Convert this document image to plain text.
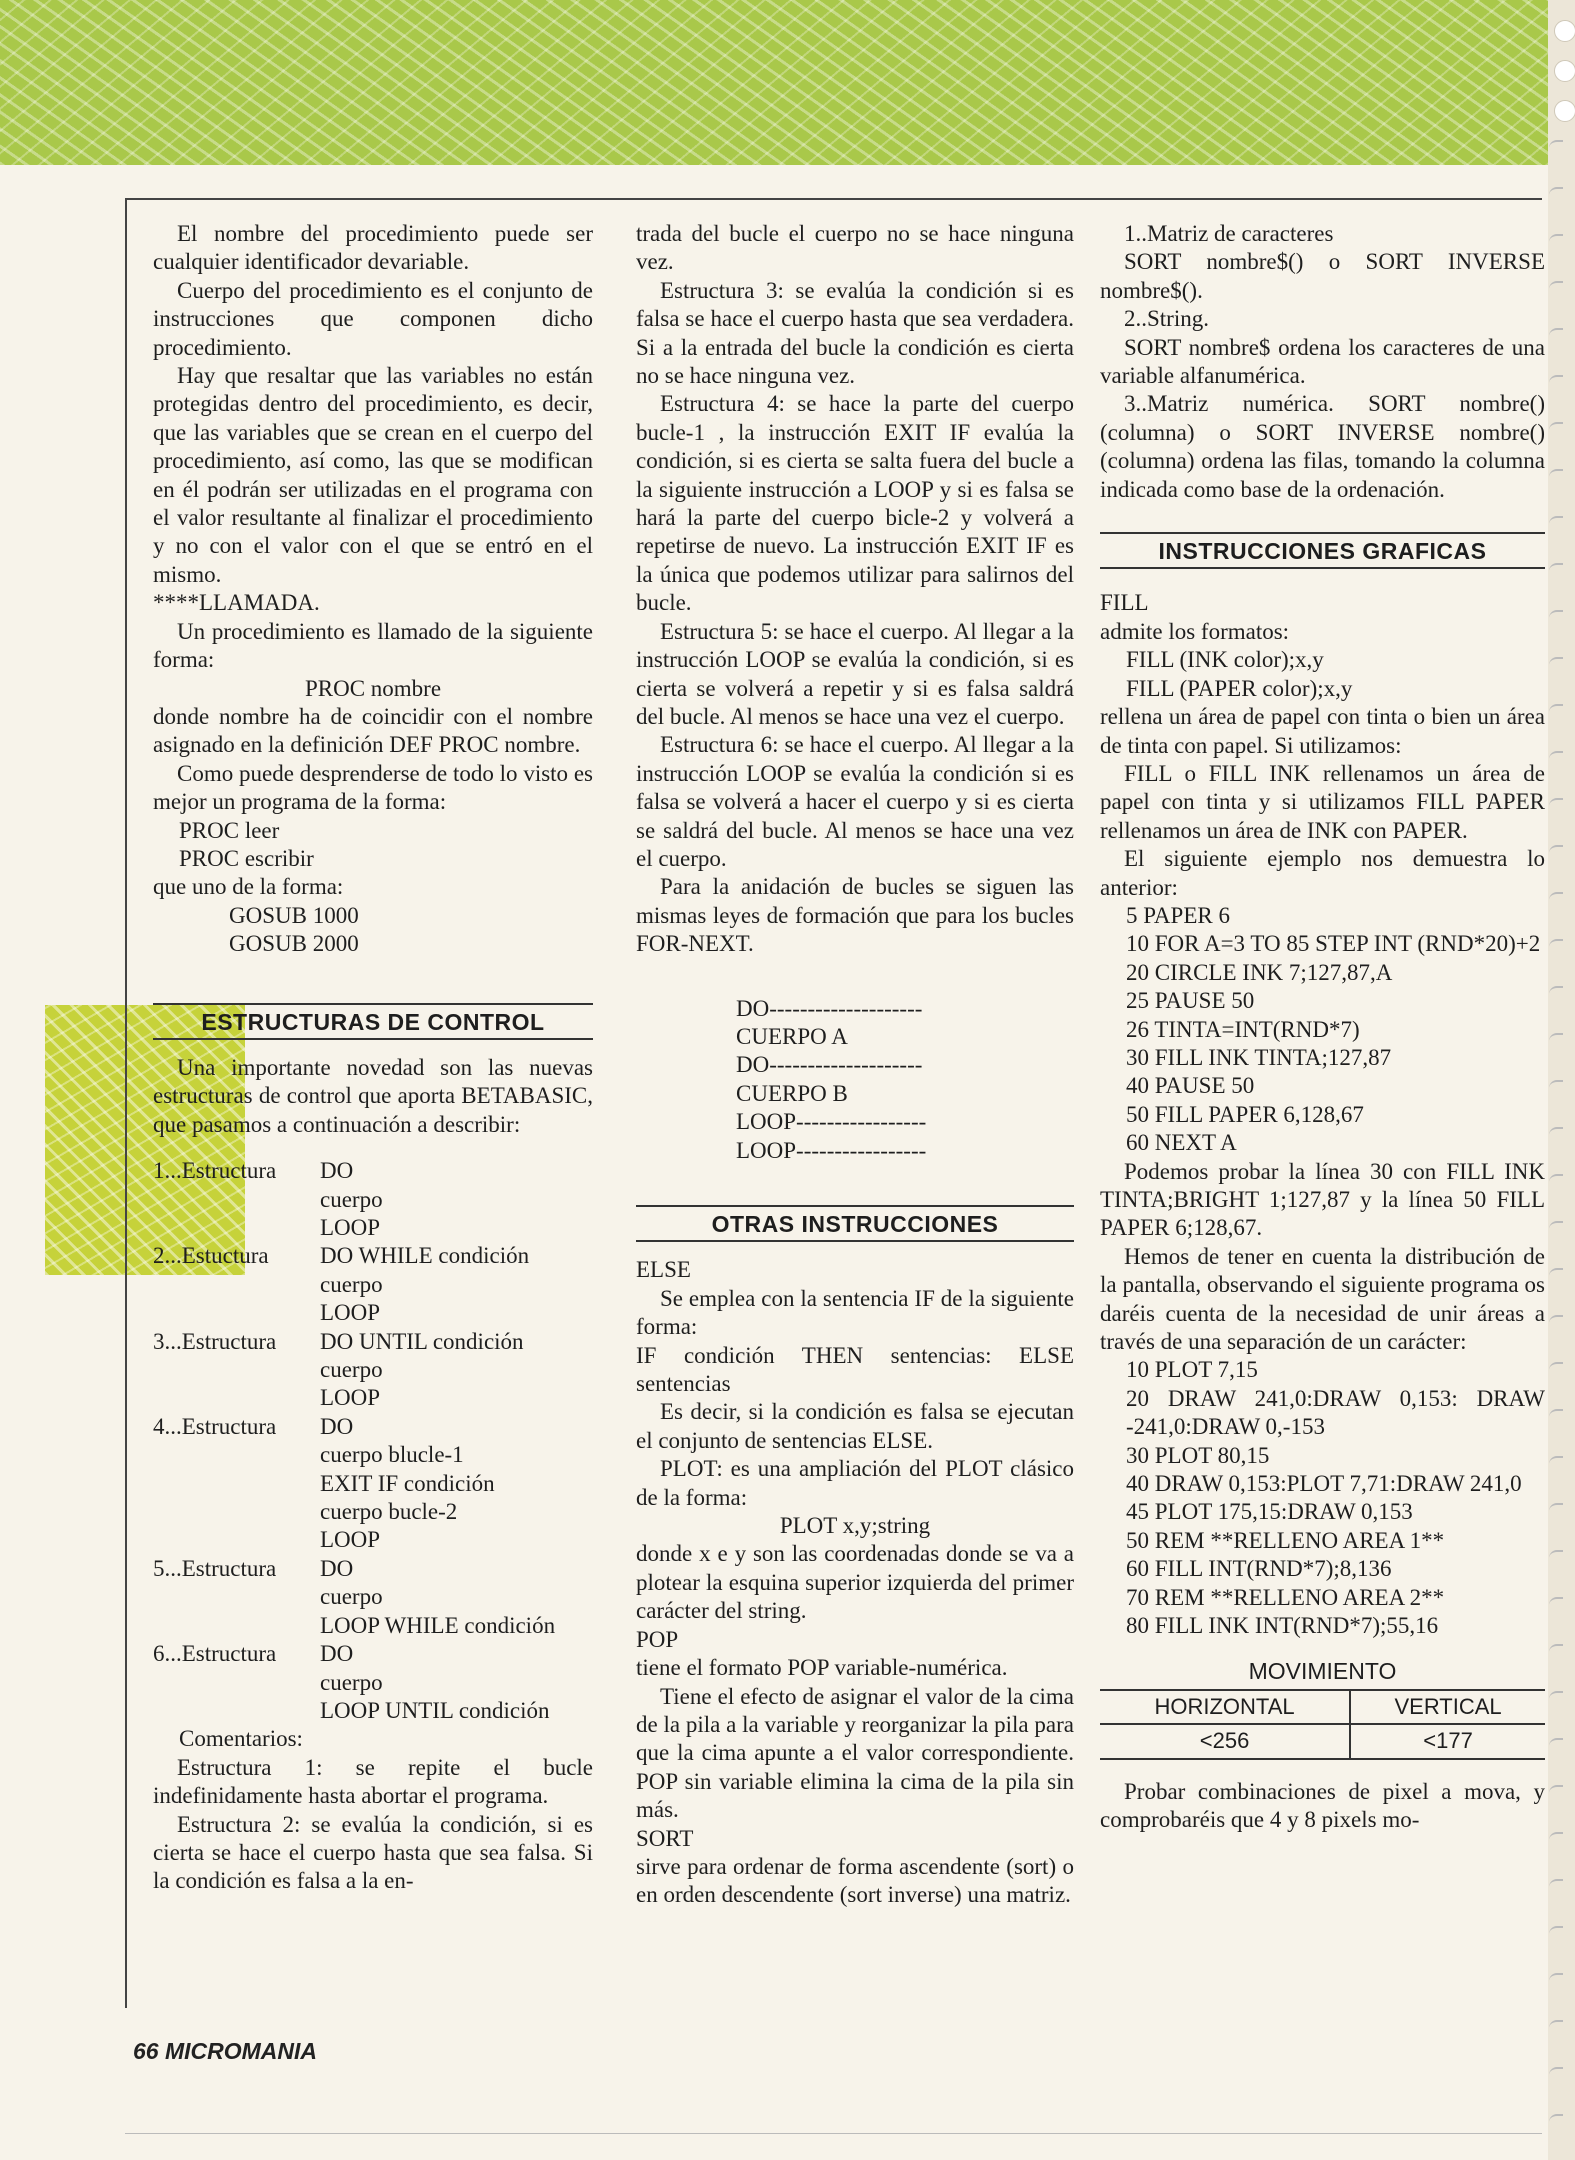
El nombre del procedimiento puede ser cualquier identificador devariable.

Cuerpo del procedimiento es el conjunto de instrucciones que componen dicho procedimiento.

Hay que resaltar que las variables no están protegidas dentro del procedimiento, es decir, que las variables que se crean en el cuerpo del procedimiento, así como, las que se modifican en él podrán ser utilizadas en el programa con el valor resultante al finalizar el procedimiento y no con el valor con el que se entró en el mismo.

****LLAMADA.

Un procedimiento es llamado de la siguiente forma:

PROC nombre

donde nombre ha de coincidir con el nombre asignado en la definición DEF PROC nombre.

Como puede desprenderse de todo lo visto es mejor un programa de la forma:

PROC leer

PROC escribir

que uno de la forma:

GOSUB 1000

GOSUB 2000

ESTRUCTURAS DE CONTROL

Una importante novedad son las nuevas estructuras de control que aporta BETABASIC, que pasamos a continuación a describir:

1...Estructura	DO
cuerpo
LOOP
2...Estuctura	DO WHILE condición
cuerpo
LOOP
3...Estructura	DO UNTIL condición
cuerpo
LOOP
4...Estructura	DO
cuerpo blucle-1
EXIT IF condición
cuerpo bucle-2
LOOP
5...Estructura	DO
cuerpo
LOOP WHILE condición
6...Estructura	DO
cuerpo
LOOP UNTIL condición

Comentarios:

Estructura 1: se repite el bucle indefinidamente hasta abortar el programa.

Estructura 2: se evalúa la condición, si es cierta se hace el cuerpo hasta que sea falsa. Si la condición es falsa a la en-

trada del bucle el cuerpo no se hace ninguna vez.

Estructura 3: se evalúa la condición si es falsa se hace el cuerpo hasta que sea verdadera. Si a la entrada del bucle la condición es cierta no se hace ninguna vez.

Estructura 4: se hace la parte del cuerpo bucle-1 , la instrucción EXIT IF evalúa la condición, si es cierta se salta fuera del bucle a la siguiente instrucción a LOOP y si es falsa se hará la parte del cuerpo bicle-2 y volverá a repetirse de nuevo. La instrucción EXIT IF es la única que podemos utilizar para salirnos del bucle.

Estructura 5: se hace el cuerpo. Al llegar a la instrucción LOOP se evalúa la condición, si es cierta se volverá a repetir y si es falsa saldrá del bucle. Al menos se hace una vez el cuerpo.

Estructura 6: se hace el cuerpo. Al llegar a la instrucción LOOP se evalúa la condición si es falsa se volverá a hacer el cuerpo y si es cierta se saldrá del bucle. Al menos se hace una vez el cuerpo.

Para la anidación de bucles se siguen las mismas leyes de formación que para los bucles FOR-NEXT.

DO--------------------

CUERPO A

DO--------------------

CUERPO B

LOOP-----------------

LOOP-----------------

OTRAS INSTRUCCIONES

ELSE

Se emplea con la sentencia IF de la siguiente forma:

IF condición THEN sentencias: ELSE sentencias

Es decir, si la condición es falsa se ejecutan el conjunto de sentencias ELSE.

PLOT: es una ampliación del PLOT clásico de la forma:

PLOT x,y;string

donde x e y son las coordenadas donde se va a plotear la esquina superior izquierda del primer carácter del string.

POP

tiene el formato POP variable-numérica.

Tiene el efecto de asignar el valor de la cima de la pila a la variable y reorganizar la pila para que la cima apunte a el valor correspondiente. POP sin variable elimina la cima de la pila sin más.

SORT

sirve para ordenar de forma ascendente (sort) o en orden descendente (sort inverse) una matriz.

1..Matriz de caracteres

SORT nombre$() o SORT INVERSE nombre$().

2..String.

SORT nombre$ ordena los caracteres de una variable alfanumérica.

3..Matriz numérica. SORT nombre()(columna) o SORT INVERSE nombre()(columna) ordena las filas, tomando la columna indicada como base de la ordenación.

INSTRUCCIONES GRAFICAS

FILL

admite los formatos:

FILL (INK color);x,y

FILL (PAPER color);x,y

rellena un área de papel con tinta o bien un área de tinta con papel. Si utilizamos:

FILL o FILL INK rellenamos un área de papel con tinta y si utilizamos FILL PAPER rellenamos un área de INK con PAPER.

El siguiente ejemplo nos demuestra lo anterior:

5 PAPER 6

10 FOR A=3 TO 85 STEP INT (RND*20)+2

20 CIRCLE INK 7;127,87,A

25 PAUSE 50

26 TINTA=INT(RND*7)

30 FILL INK TINTA;127,87

40 PAUSE 50

50 FILL PAPER 6,128,67

60 NEXT A

Podemos probar la línea 30 con FILL INK TINTA;BRIGHT 1;127,87 y la línea 50 FILL PAPER 6;128,67.

Hemos de tener en cuenta la distribución de la pantalla, observando el siguiente programa os daréis cuenta de la necesidad de unir áreas a través de una separación de un carácter:

10 PLOT 7,15

20 DRAW 241,0:DRAW 0,153: DRAW -241,0:DRAW 0,-153

30 PLOT 80,15

40 DRAW 0,153:PLOT 7,71:DRAW 241,0

45 PLOT 175,15:DRAW 0,153

50 REM **RELLENO AREA 1**

60 FILL INT(RND*7);8,136

70 REM **RELLENO AREA 2**

80 FILL INK INT(RND*7);55,16

MOVIMIENTO
HORIZONTAL	VERTICAL
<256	<177

Probar combinaciones de pixel a mova, y comprobaréis que 4 y 8 pixels mo-

66 MICROMANIA
